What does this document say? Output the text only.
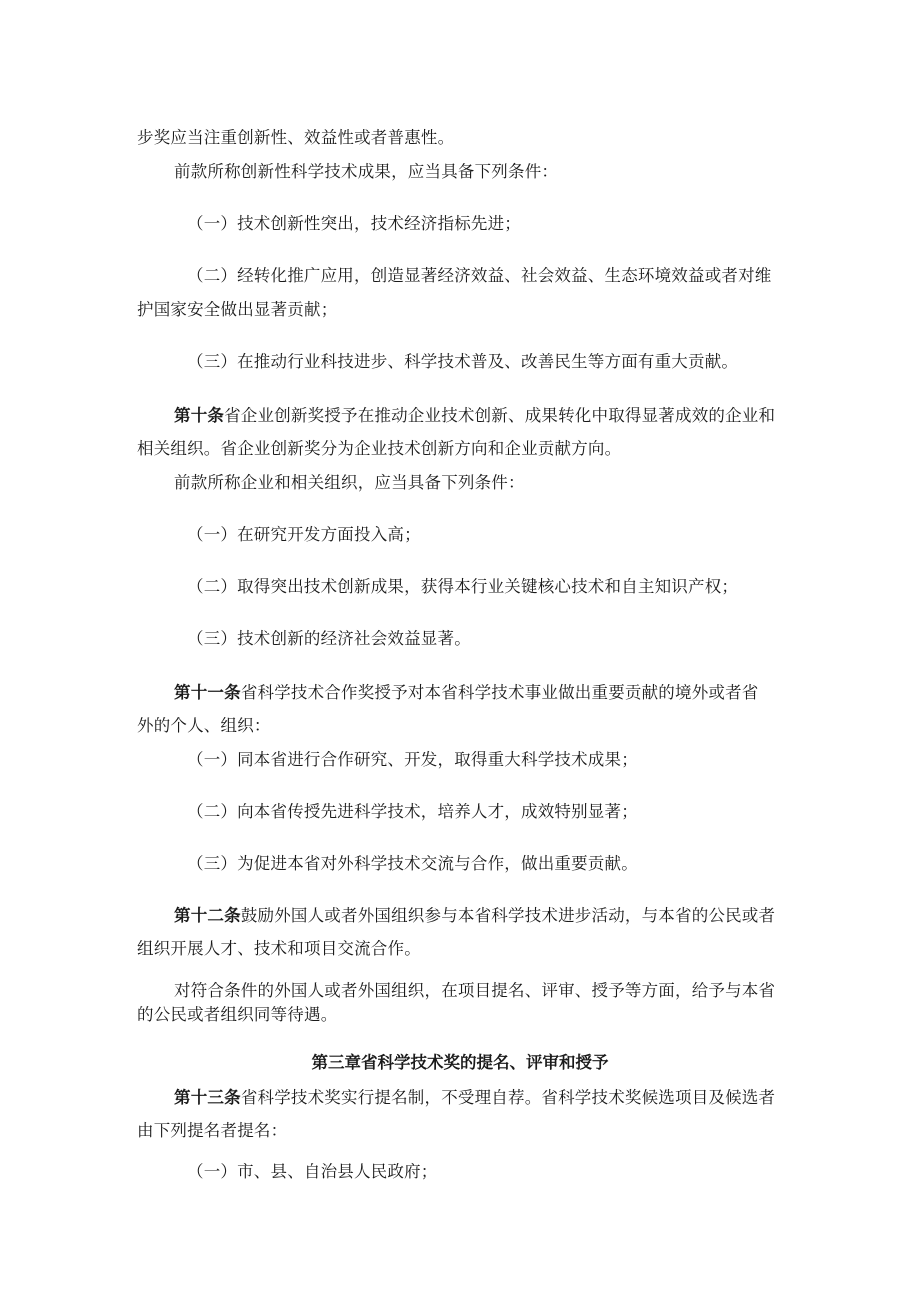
步奖应当注重创新性、效益性或者普惠性。
前款所称创新性科学技术成果，应当具备下列条件：
（一）技术创新性突出，技术经济指标先进；
（二）经转化推广应用，创造显著经济效益、社会效益、生态环境效益或者对维
护国家安全做出显著贡献；
（三）在推动行业科技进步、科学技术普及、改善民生等方面有重大贡献。
第十条省企业创新奖授予在推动企业技术创新、成果转化中取得显著成效的企业和
相关组织。省企业创新奖分为企业技术创新方向和企业贡献方向。
前款所称企业和相关组织，应当具备下列条件：
（一）在研究开发方面投入高；
（二）取得突出技术创新成果，获得本行业关键核心技术和自主知识产权；
（三）技术创新的经济社会效益显著。
第十一条省科学技术合作奖授予对本省科学技术事业做出重要贡献的境外或者省
外的个人、组织：
（一）同本省进行合作研究、开发，取得重大科学技术成果；
（二）向本省传授先进科学技术，培养人才，成效特别显著；
（三）为促进本省对外科学技术交流与合作，做出重要贡献。
第十二条鼓励外国人或者外国组织参与本省科学技术进步活动，与本省的公民或者
组织开展人才、技术和项目交流合作。
对符合条件的外国人或者外国组织，在项目提名、评审、授予等方面，给予与本省
的公民或者组织同等待遇。
第三章省科学技术奖的提名、评审和授予
第十三条省科学技术奖实行提名制，不受理自荐。省科学技术奖候选项目及候选者
由下列提名者提名：
（一）市、县、自治县人民政府；
